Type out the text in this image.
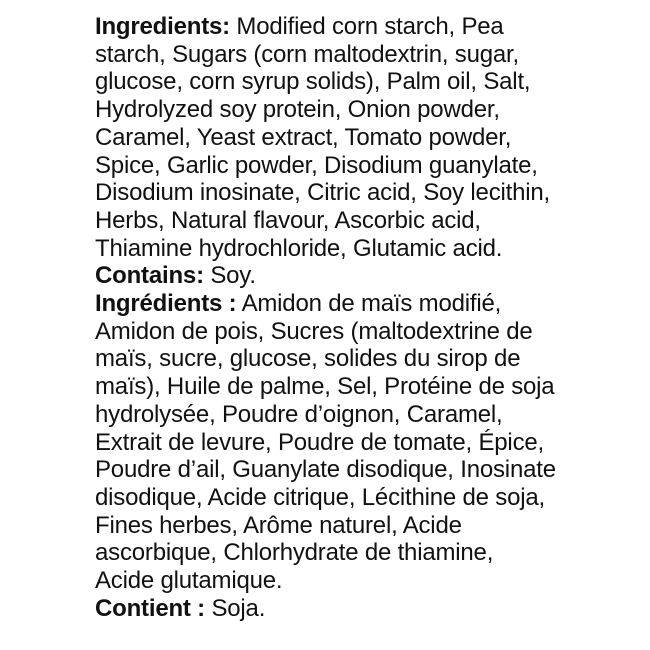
Ingredients: Modified corn starch, Pea
starch, Sugars (corn maltodextrin, sugar,
glucose, corn syrup solids), Palm oil, Salt,
Hydrolyzed soy protein, Onion powder,
Caramel, Yeast extract, Tomato powder,
Spice, Garlic powder, Disodium guanylate,
Disodium inosinate, Citric acid, Soy lecithin,
Herbs, Natural flavour, Ascorbic acid,
Thiamine hydrochloride, Glutamic acid.
Contains: Soy.
Ingrédients : Amidon de maïs modifié,
Amidon de pois, Sucres (maltodextrine de
maïs, sucre, glucose, solides du sirop de
maïs), Huile de palme, Sel, Protéine de soja
hydrolysée, Poudre d’oignon, Caramel,
Extrait de levure, Poudre de tomate, Épice,
Poudre d’ail, Guanylate disodique, Inosinate
disodique, Acide citrique, Lécithine de soja,
Fines herbes, Arôme naturel, Acide
ascorbique, Chlorhydrate de thiamine,
Acide glutamique.
Contient : Soja.
